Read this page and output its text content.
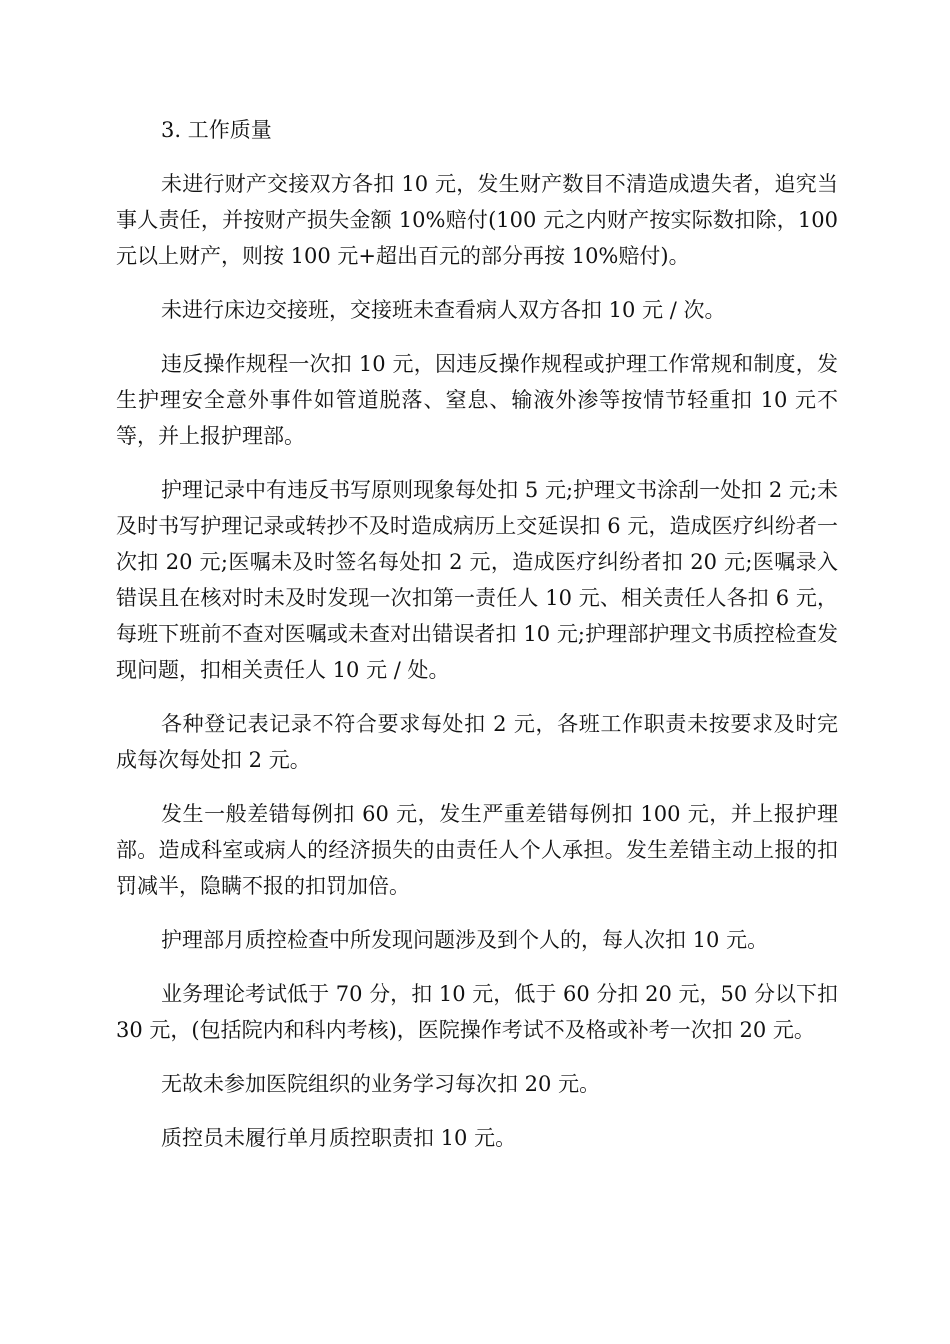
3. 工作质量

未进行财产交接双方各扣 10 元，发生财产数目不清造成遗失者，追究当事人责任，并按财产损失金额 10%赔付(100 元之内财产按实际数扣除，100 元以上财产，则按 100 元+超出百元的部分再按 10%赔付)。

未进行床边交接班，交接班未查看病人双方各扣 10 元 / 次。

违反操作规程一次扣 10 元，因违反操作规程或护理工作常规和制度，发生护理安全意外事件如管道脱落、窒息、输液外渗等按情节轻重扣 10 元不等，并上报护理部。

护理记录中有违反书写原则现象每处扣 5 元;护理文书涂刮一处扣 2 元;未及时书写护理记录或转抄不及时造成病历上交延误扣 6 元，造成医疗纠纷者一次扣 20 元;医嘱未及时签名每处扣 2 元，造成医疗纠纷者扣 20 元;医嘱录入错误且在核对时未及时发现一次扣第一责任人 10 元、相关责任人各扣 6 元，每班下班前不查对医嘱或未查对出错误者扣 10 元;护理部护理文书质控检查发现问题，扣相关责任人 10 元 / 处。

各种登记表记录不符合要求每处扣 2 元，各班工作职责未按要求及时完成每次每处扣 2 元。

发生一般差错每例扣 60 元，发生严重差错每例扣 100 元，并上报护理部。造成科室或病人的经济损失的由责任人个人承担。发生差错主动上报的扣罚减半，隐瞒不报的扣罚加倍。

护理部月质控检查中所发现问题涉及到个人的，每人次扣 10 元。

业务理论考试低于 70 分，扣 10 元，低于 60 分扣 20 元，50 分以下扣 30 元，(包括院内和科内考核)，医院操作考试不及格或补考一次扣 20 元。

无故未参加医院组织的业务学习每次扣 20 元。

质控员未履行单月质控职责扣 10 元。
